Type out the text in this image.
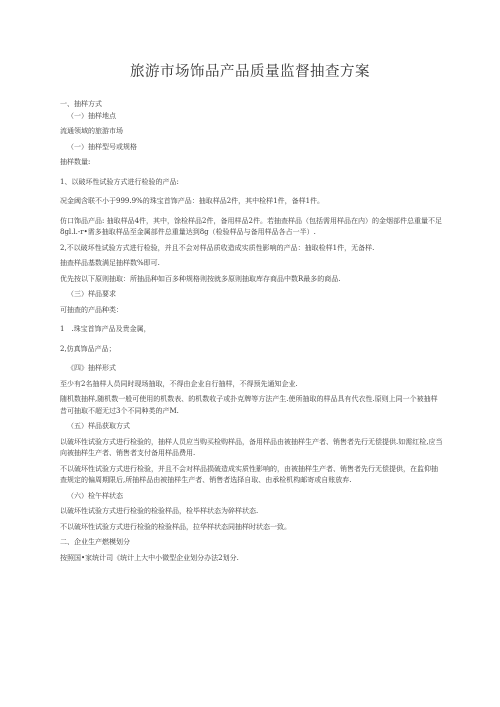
旅游市场饰品产品质量监督抽查方案

一、抽样方式

（一）抽样地点

流通领域的旅游市场

（一）抽样型号或规格

抽样数量:

1、以破坏性试验方式进行检验的产品:

况金阈含联不小于999.9%的珠宝首饰产品：抽取样品2件，其中检样1件，备样1件。

仿口饰品产品: 抽取样品4件，其中，馀检样品2件，备用样品2件。若抽查样品（包括需用样品在内）的金烟部件总重量不足8gl.l.-r•需多抽取样品至金属部件总重量达到8g（检验样品与备用样品各占一半）.

2,不以破坏性试验方式进行检验，并且不会对样品质收造成实质性影响的产品：抽取检样1件，无备样.

抽查样品基数满足抽样数%即可.

优先按以下原则抽取：所抽品种如百多种规格则按就多原则抽取库存商品中数R最多的商品.

（三）样品要求

可抽查的产品种类：

1　.珠宝首饰产品及贵金属，

2,仿真饰品产品；

《四》抽样形式

至少有2名抽样人员同时现场抽取，不得由企业自行抽样，不得预先通知企业.

随机数抽样,随机数一般可使用的机数表、的机数收子或扑克牌等方法产生.使所抽取的样品具有代衣性.原则上同一个被抽样昔可抽取不超无过3个不同种类的产M.

（五）样品获取方式

以破坏性试验方式进行检验的，抽样人员应当购买检购样品，备用样品由被抽样生产者、销售者先行无偿提供.如需红检,应当向被抽样生产者、销售者支付备用样品费用.

不以破坏性试验方式进行检验，并且不会对样品损破造成实质性影响的，由被抽样生产者、销售者先行无偿提供，在监仰抽查规定的偏周期限后,所抽样品由被抽样生产者、销售者选择自取、由承检机构邮寄或自账放弃.

（六）检午样状态

以破坏性试验方式进行检验的检验样品，检毕样状态为碎样状态.

不以破坏性试验方式进行检验的检验样品，拉华样状态同抽样时状态一致。

二、企业生产燃模划分

按照国•家统计司《统计上大中小微型企业划分办法2划分.
